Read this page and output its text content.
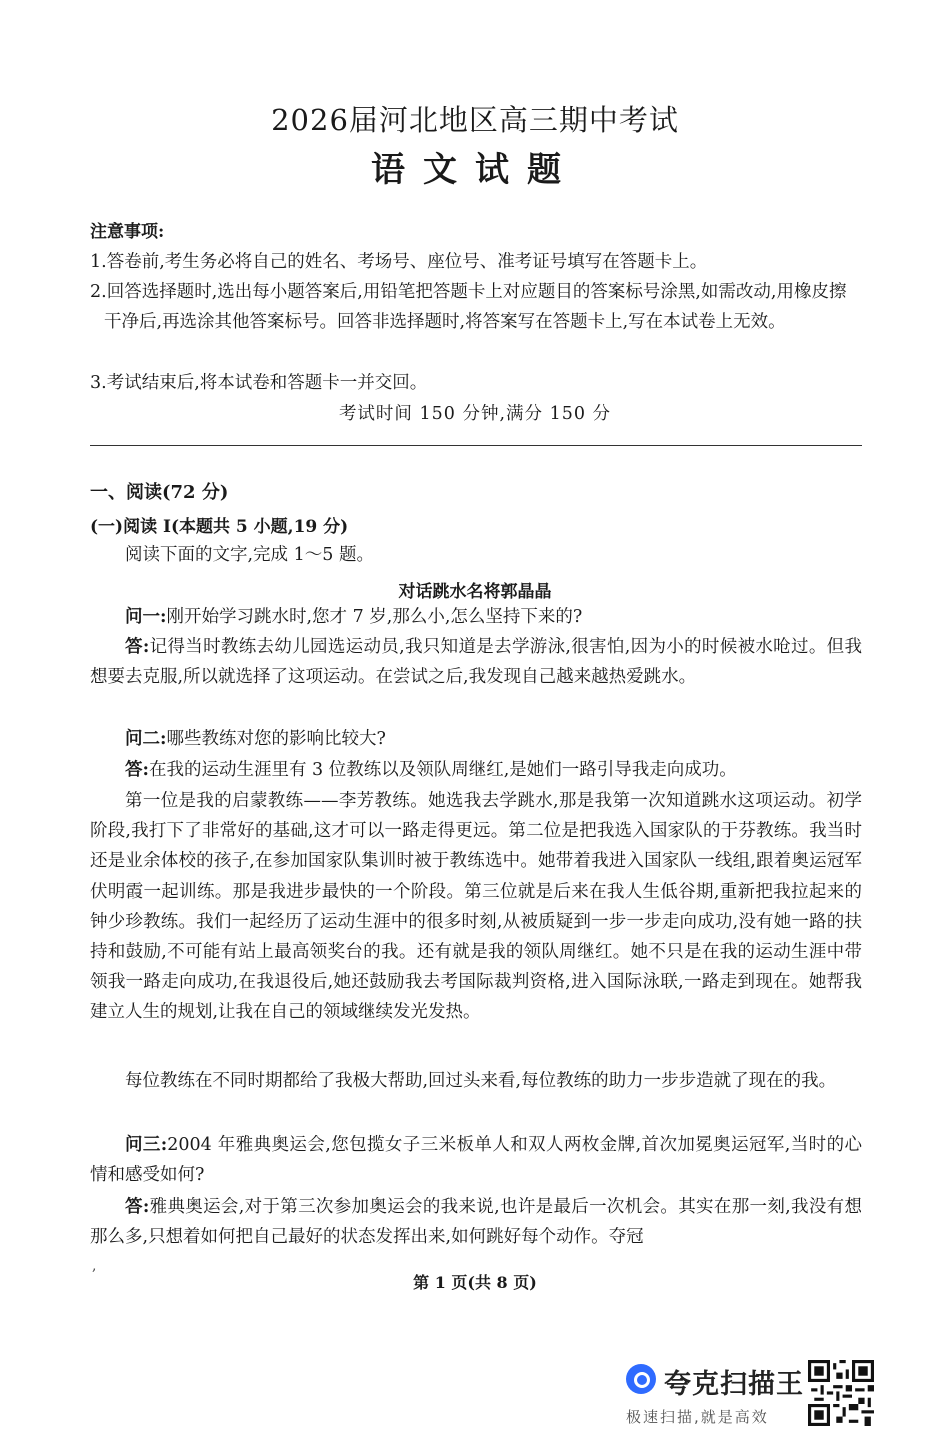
2026届河北地区高三期中考试
语文试题
注意事项:
1.答卷前,考生务必将自己的姓名、考场号、座位号、准考证号填写在答题卡上。
2.回答选择题时,选出每小题答案后,用铅笔把答题卡上对应题目的答案标号涂黑,如需改动,用橡皮擦干净后,再选涂其他答案标号。回答非选择题时,将答案写在答题卡上,写在本试卷上无效。
3.考试结束后,将本试卷和答题卡一并交回。
考试时间 150 分钟,满分 150 分
一、阅读(72 分)
(一)阅读 I(本题共 5 小题,19 分)
阅读下面的文字,完成 1～5 题。
对话跳水名将郭晶晶
问一:刚开始学习跳水时,您才 7 岁,那么小,怎么坚持下来的?
答:记得当时教练去幼儿园选运动员,我只知道是去学游泳,很害怕,因为小的时候被水呛过。但我想要去克服,所以就选择了这项运动。在尝试之后,我发现自己越来越热爱跳水。
问二:哪些教练对您的影响比较大?
答:在我的运动生涯里有 3 位教练以及领队周继红,是她们一路引导我走向成功。
第一位是我的启蒙教练——李芳教练。她选我去学跳水,那是我第一次知道跳水这项运动。初学阶段,我打下了非常好的基础,这才可以一路走得更远。第二位是把我选入国家队的于芬教练。我当时还是业余体校的孩子,在参加国家队集训时被于教练选中。她带着我进入国家队一线组,跟着奥运冠军伏明霞一起训练。那是我进步最快的一个阶段。第三位就是后来在我人生低谷期,重新把我拉起来的钟少珍教练。我们一起经历了运动生涯中的很多时刻,从被质疑到一步一步走向成功,没有她一路的扶持和鼓励,不可能有站上最高领奖台的我。还有就是我的领队周继红。她不只是在我的运动生涯中带领我一路走向成功,在我退役后,她还鼓励我去考国际裁判资格,进入国际泳联,一路走到现在。她帮我建立人生的规划,让我在自己的领域继续发光发热。
每位教练在不同时期都给了我极大帮助,回过头来看,每位教练的助力一步步造就了现在的我。
问三:2004 年雅典奥运会,您包揽女子三米板单人和双人两枚金牌,首次加冕奥运冠军,当时的心情和感受如何?
答:雅典奥运会,对于第三次参加奥运会的我来说,也许是最后一次机会。其实在那一刻,我没有想那么多,只想着如何把自己最好的状态发挥出来,如何跳好每个动作。夺冠
,
第 1 页(共 8 页)
夸克扫描王
极速扫描,就是高效
